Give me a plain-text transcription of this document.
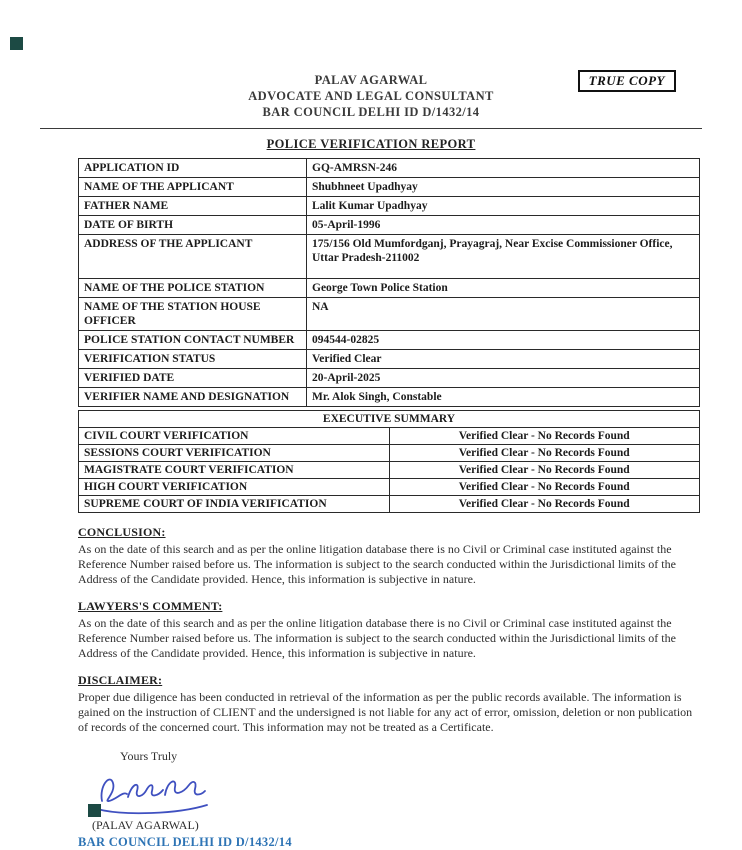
TRUE COPY
PALAV AGARWAL
ADVOCATE AND LEGAL CONSULTANT
BAR COUNCIL DELHI ID D/1432/14
POLICE VERIFICATION REPORT
APPLICATION ID	GQ-AMRSN-246
NAME OF THE APPLICANT	Shubhneet Upadhyay
FATHER NAME	Lalit Kumar Upadhyay
DATE OF BIRTH	05-April-1996
ADDRESS OF THE APPLICANT	175/156 Old Mumfordganj, Prayagraj, Near Excise Commissioner Office, Uttar Pradesh-211002
NAME OF THE POLICE STATION	George Town Police Station
NAME OF THE STATION HOUSE OFFICER	NA
POLICE STATION CONTACT NUMBER	094544-02825
VERIFICATION STATUS	Verified Clear
VERIFIED DATE	20-April-2025
VERIFIER NAME AND DESIGNATION	Mr. Alok Singh, Constable
EXECUTIVE SUMMARY	
CIVIL COURT VERIFICATION	Verified Clear - No Records Found
SESSIONS COURT VERIFICATION	Verified Clear - No Records Found
MAGISTRATE COURT VERIFICATION	Verified Clear - No Records Found
HIGH COURT VERIFICATION	Verified Clear - No Records Found
SUPREME COURT OF INDIA VERIFICATION	Verified Clear - No Records Found
CONCLUSION:

As on the date of this search and as per the online litigation database there is no Civil or Criminal case instituted against the Reference Number raised before us. The information is subject to the search conducted within the Jurisdictional limits of the Address of the Candidate provided. Hence, this information is subjective in nature.

LAWYERS'S COMMENT:

As on the date of this search and as per the online litigation database there is no Civil or Criminal case instituted against the Reference Number raised before us. The information is subject to the search conducted within the Jurisdictional limits of the Address of the Candidate provided. Hence, this information is subjective in nature.

DISCLAIMER:

Proper due diligence has been conducted in retrieval of the information as per the public records available. The information is gained on the instruction of CLIENT and the undersigned is not liable for any act of error, omission, deletion or non publication of records of the concerned court. This information may not be treated as a Certificate.

Yours Truly
(PALAV AGARWAL)
BAR COUNCIL DELHI ID D/1432/14
